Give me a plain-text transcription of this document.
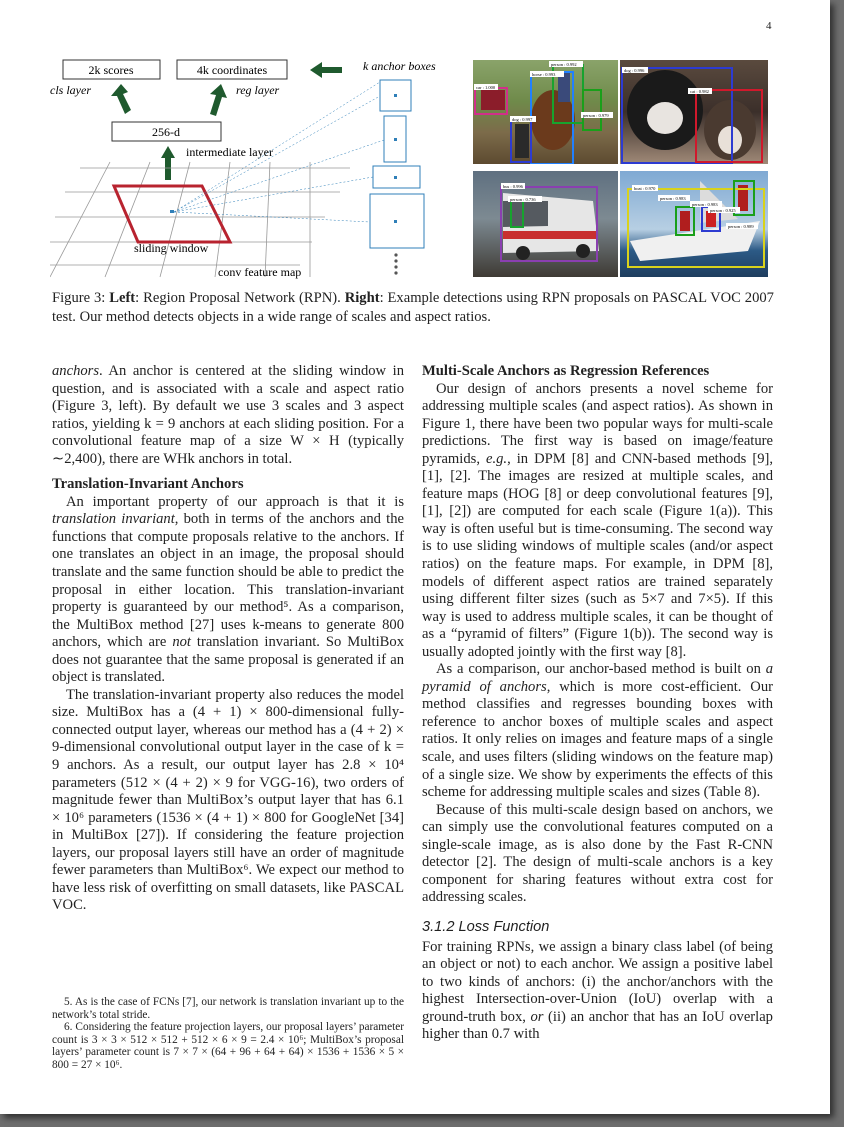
4
2k scores	4k coordinates
cls layer	reg layer
256-d
intermediate layer
sliding window
conv feature map
k anchor boxes	person : 0.992
horse : 0.993
car : 1.000
dog : 0.997
person : 0.979
dog : 0.996
cat : 0.982
bus : 0.996
person : 0.736
boat : 0.970
person : 0.983
person : 0.983
person : 0.925
person : 0.989
Figure 3: Left: Region Proposal Network (RPN). Right: Example detections using RPN proposals on PASCAL VOC 2007 test. Our method detects objects in a wide range of scales and aspect ratios.

anchors. An anchor is centered at the sliding window in question, and is associated with a scale and aspect ratio (Figure 3, left). By default we use 3 scales and 3 aspect ratios, yielding k = 9 anchors at each sliding position. For a convolutional feature map of a size W × H (typically ∼2,400), there are WHk anchors in total.

Translation-Invariant Anchors

An important property of our approach is that it is translation invariant, both in terms of the anchors and the functions that compute proposals relative to the anchors. If one translates an object in an image, the proposal should translate and the same function should be able to predict the proposal in either location. This translation-invariant property is guaranteed by our method⁵. As a comparison, the MultiBox method [27] uses k-means to generate 800 anchors, which are not translation invariant. So MultiBox does not guarantee that the same proposal is generated if an object is translated.

The translation-invariant property also reduces the model size. MultiBox has a (4 + 1) × 800-dimensional fully-connected output layer, whereas our method has a (4 + 2) × 9-dimensional convolutional output layer in the case of k = 9 anchors. As a result, our output layer has 2.8 × 10⁴ parameters (512 × (4 + 2) × 9 for VGG-16), two orders of magnitude fewer than MultiBox’s output layer that has 6.1 × 10⁶ parameters (1536 × (4 + 1) × 800 for GoogleNet [34] in MultiBox [27]). If considering the feature projection layers, our proposal layers still have an order of magnitude fewer parameters than MultiBox⁶. We expect our method to have less risk of overfitting on small datasets, like PASCAL VOC.

5. As is the case of FCNs [7], our network is translation invariant up to the network’s total stride.

6. Considering the feature projection layers, our proposal layers’ parameter count is 3 × 3 × 512 × 512 + 512 × 6 × 9 = 2.4 × 10⁶; MultiBox’s proposal layers’ parameter count is 7 × 7 × (64 + 96 + 64 + 64) × 1536 + 1536 × 5 × 800 = 27 × 10⁶.

Multi-Scale Anchors as Regression References

Our design of anchors presents a novel scheme for addressing multiple scales (and aspect ratios). As shown in Figure 1, there have been two popular ways for multi-scale predictions. The first way is based on image/feature pyramids, e.g., in DPM [8] and CNN-based methods [9], [1], [2]. The images are resized at multiple scales, and feature maps (HOG [8] or deep convolutional features [9], [1], [2]) are computed for each scale (Figure 1(a)). This way is often useful but is time-consuming. The second way is to use sliding windows of multiple scales (and/or aspect ratios) on the feature maps. For example, in DPM [8], models of different aspect ratios are trained separately using different filter sizes (such as 5×7 and 7×5). If this way is used to address multiple scales, it can be thought of as a “pyramid of filters” (Figure 1(b)). The second way is usually adopted jointly with the first way [8].

As a comparison, our anchor-based method is built on a pyramid of anchors, which is more cost-efficient. Our method classifies and regresses bounding boxes with reference to anchor boxes of multiple scales and aspect ratios. It only relies on images and feature maps of a single scale, and uses filters (sliding windows on the feature map) of a single size. We show by experiments the effects of this scheme for addressing multiple scales and sizes (Table 8).

Because of this multi-scale design based on anchors, we can simply use the convolutional features computed on a single-scale image, as is also done by the Fast R-CNN detector [2]. The design of multi-scale anchors is a key component for sharing features without extra cost for addressing scales.

3.1.2 Loss Function

For training RPNs, we assign a binary class label (of being an object or not) to each anchor. We assign a positive label to two kinds of anchors: (i) the anchor/anchors with the highest Intersection-over-Union (IoU) overlap with a ground-truth box, or (ii) an anchor that has an IoU overlap higher than 0.7 with
